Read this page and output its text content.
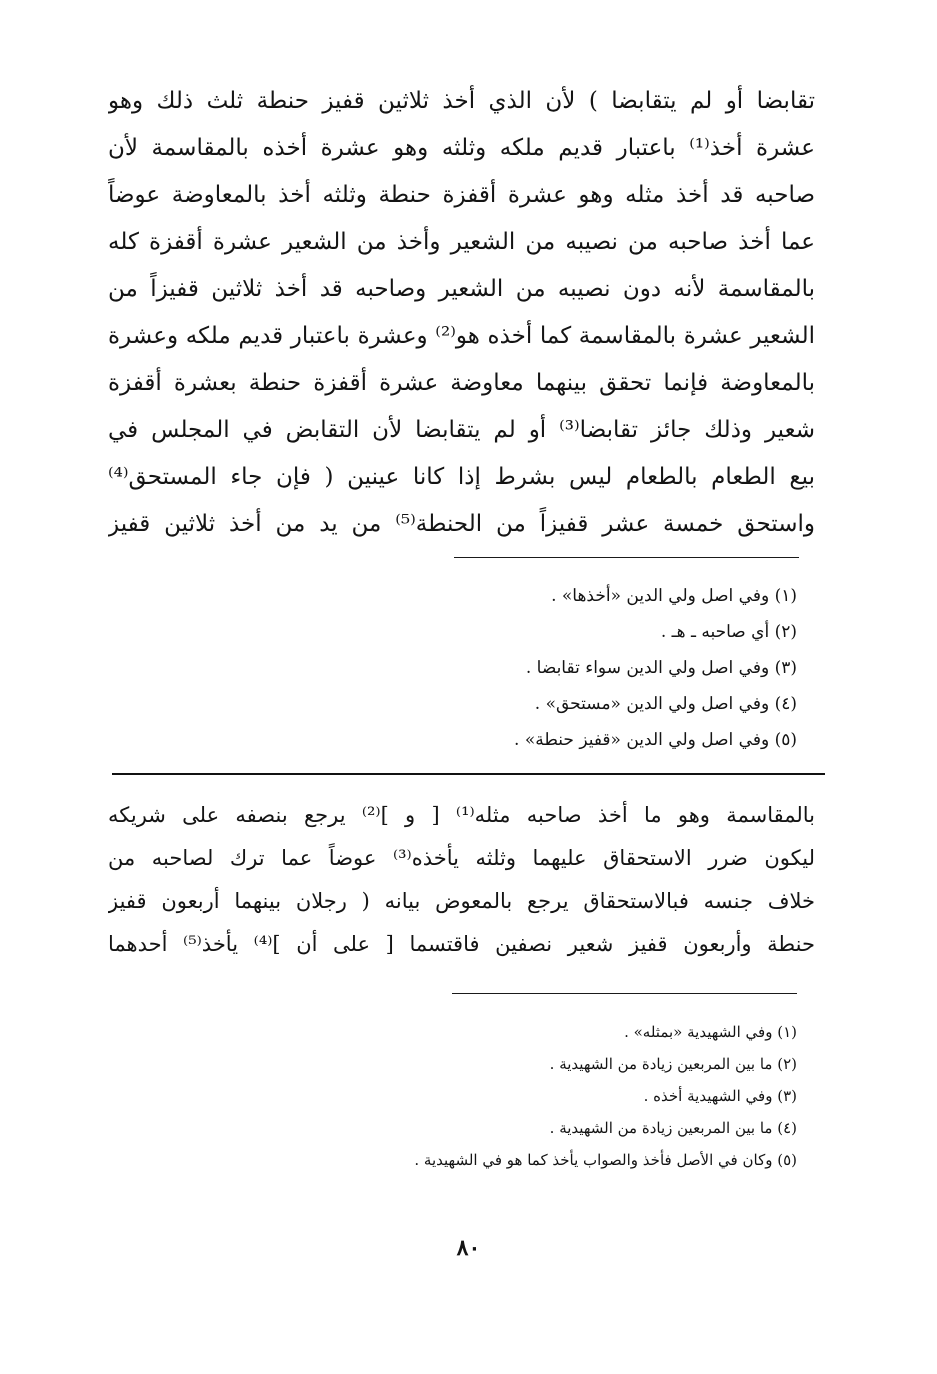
تقابضا أو لم يتقابضا ) لأن الذي أخذ ثلاثين قفيز حنطة ثلث ذلك وهو
عشرة أخذ⁽¹⁾ باعتبار قديم ملكه وثلثه وهو عشرة أخذه بالمقاسمة لأن
صاحبه قد أخذ مثله وهو عشرة أقفزة حنطة وثلثه أخذ بالمعاوضة عوضاً
عما أخذ صاحبه من نصيبه من الشعير وأخذ من الشعير عشرة أقفزة كله
بالمقاسمة لأنه دون نصيبه من الشعير وصاحبه قد أخذ ثلاثين قفيزاً من
الشعير عشرة بالمقاسمة كما أخذه هو⁽²⁾ وعشرة باعتبار قديم ملكه وعشرة
بالمعاوضة فإنما تحقق بينهما معاوضة عشرة أقفزة حنطة بعشرة أقفزة
شعير وذلك جائز تقابضا⁽³⁾ أو لم يتقابضا لأن التقابض في المجلس في
بيع الطعام بالطعام ليس بشرط إذا كانا عينين ( فإن جاء المستحق⁽⁴⁾
واستحق خمسة عشر قفيزاً من الحنطة⁽⁵⁾ من يد من أخذ ثلاثين قفيز
(١) وفي اصل ولي الدين «أخذها» .
(٢) أي صاحبه ـ هـ .
(٣) وفي اصل ولي الدين سواء تقابضا .
(٤) وفي اصل ولي الدين «مستحق» .
(٥) وفي اصل ولي الدين «قفيز حنطة» .
بالمقاسمة وهو ما أخذ صاحبه مثله⁽¹⁾ [ و ]⁽²⁾ يرجع بنصفه على شريكه
ليكون ضرر الاستحقاق عليهما وثلثه يأخذه⁽³⁾ عوضاً عما ترك لصاحبه من
خلاف جنسه فبالاستحقاق يرجع بالمعوض بيانه ( رجلان بينهما أربعون قفيز
حنطة وأربعون قفيز شعير نصفين فاقتسما [ على أن ]⁽⁴⁾ يأخذ⁽⁵⁾ أحدهما
(١) وفي الشهيدية «بمثله» .
(٢) ما بين المربعين زيادة من الشهيدية .
(٣) وفي الشهيدية أخذه .
(٤) ما بين المربعين زيادة من الشهيدية .
(٥) وكان في الأصل فأخذ والصواب يأخذ كما هو في الشهيدية .
٨٠
